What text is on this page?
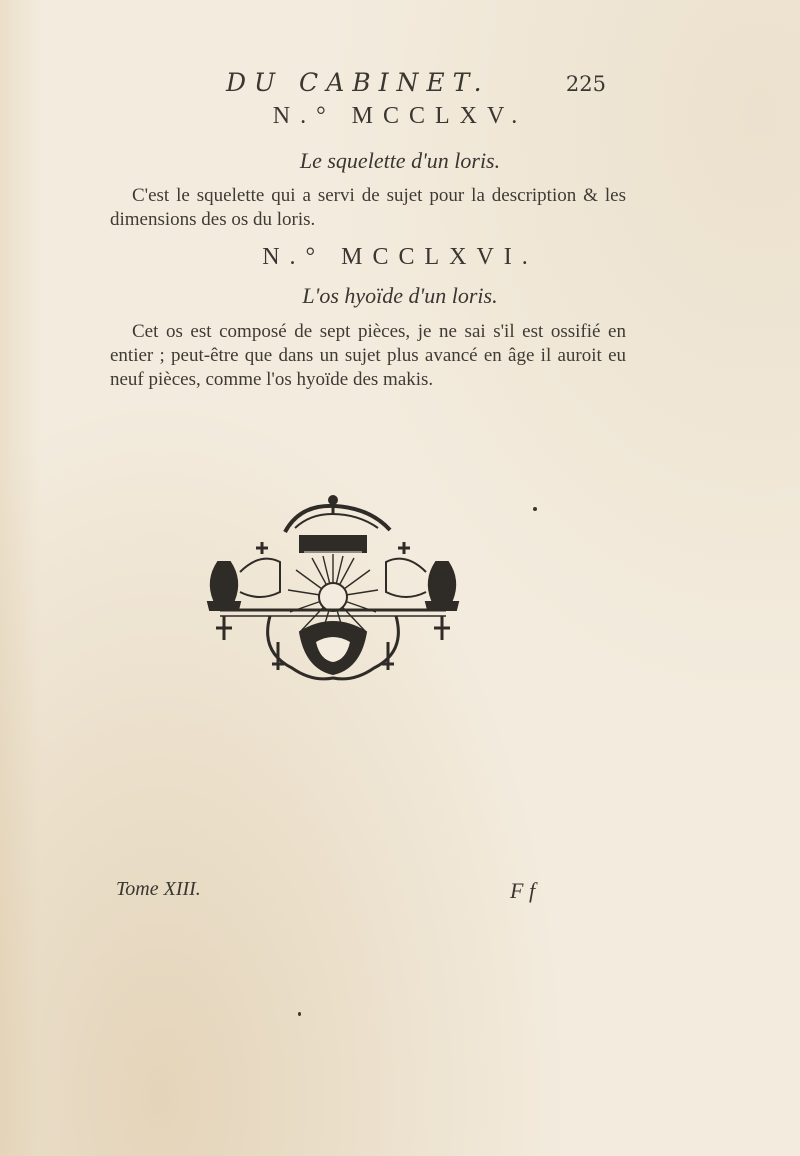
DU CABINET.	225
N.° MCCLXV.
Le squelette d'un loris.
C'est le squelette qui a servi de sujet pour la description & les dimensions des os du loris.
N.° MCCLXVI.
L'os hyoïde d'un loris.
Cet os est composé de sept pièces, je ne sai s'il est ossifié en entier ; peut-être que dans un sujet plus avancé en âge il auroit eu neuf pièces, comme l'os hyoïde des makis.
Tome XIII.	F f
